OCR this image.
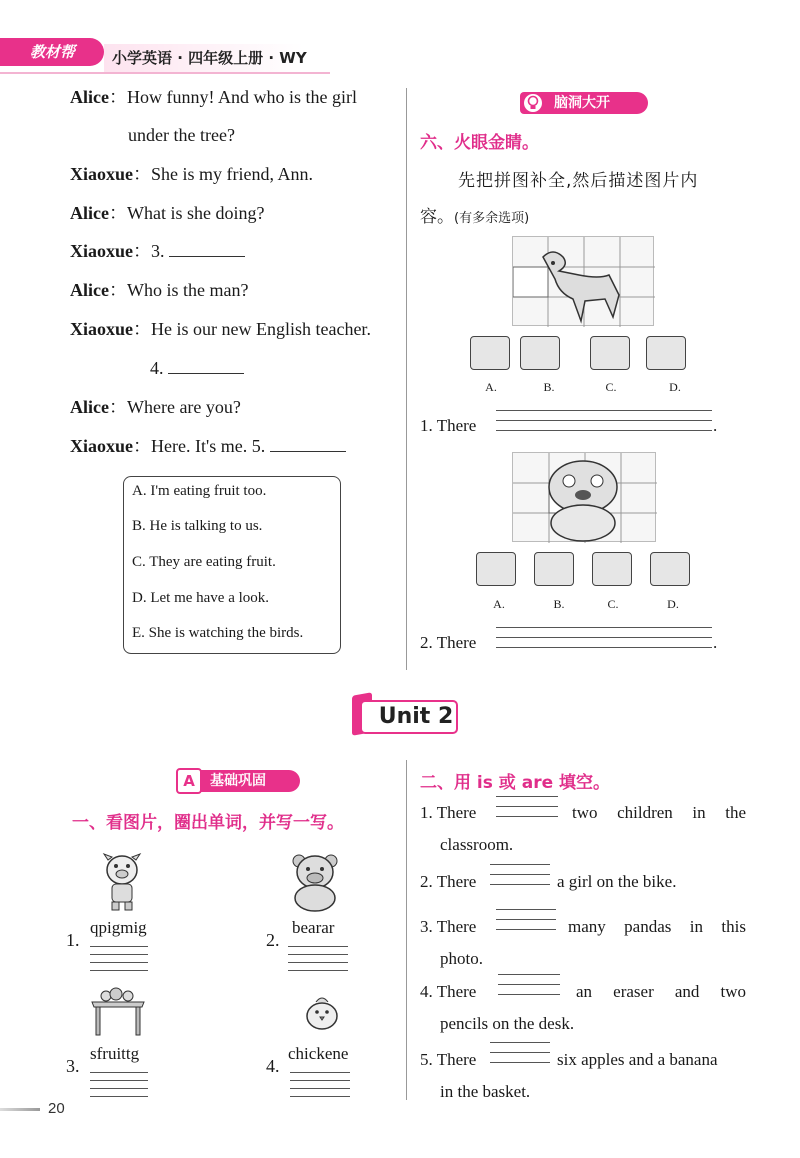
教材帮	小学英语 · 四年级上册 · WY
Alice：How funny! And who is the girl
under the tree?
Xiaoxue：She is my friend, Ann.
Alice：What is she doing?
Xiaoxue：3.
Alice：Who is the man?
Xiaoxue：He is our new English teacher.
4.
Alice：Where are you?
Xiaoxue：Here. It's me. 5.
A. I'm eating fruit too.
B. He is talking to us.
C. They are eating fruit.
D. Let me have a look.
E. She is watching the birds.
脑洞大开
六、火眼金睛。
先把拼图补全,然后描述图片内
容。(有多余选项)
A.	B.	C.	D.
1. There	.
A.	B.	C.	D.
2. There	.
Unit 2
基础巩固
A
一、看图片，圈出单词，并写一写。
1.
qpigmig
2.
bearar
3.
sfruittg
4.
chickene
二、用 is 或 are 填空。
1. There	two children in the
classroom.
2. There	a girl on the bike.
3. There	many pandas in this
photo.
4. There	an eraser and two
pencils on the desk.
5. There	six apples and a banana
in the basket.
20
